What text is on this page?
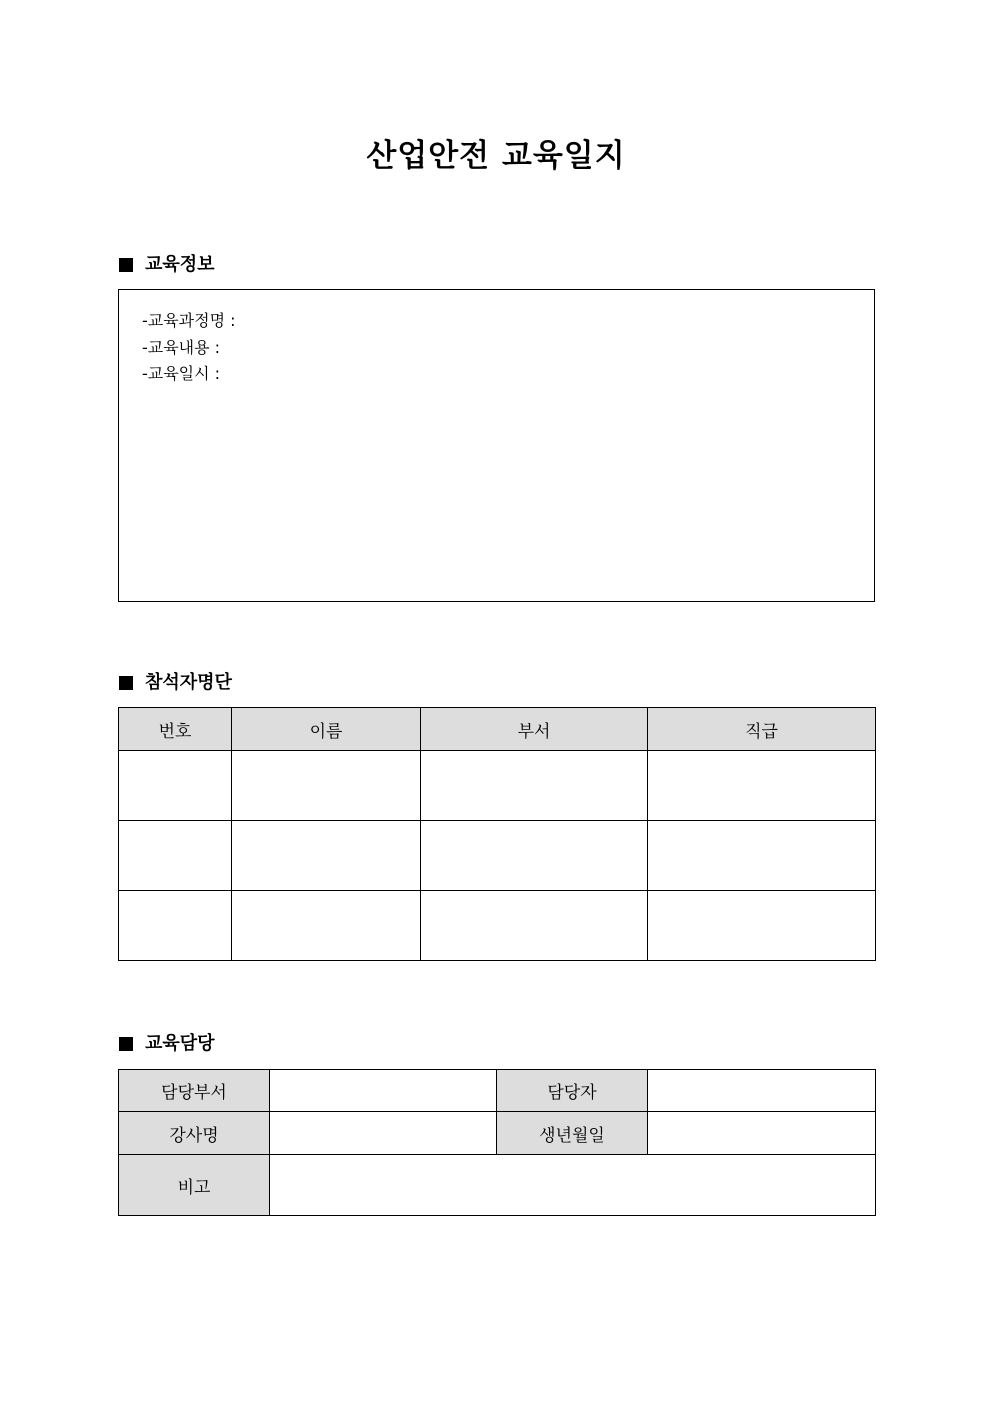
산업안전 교육일지
교육정보
-교육과정명 :
-교육내용 :
-교육일시 :
참석자명단
번호	이름	부서	직급

교육담당
담당부서		담당자	
강사명		생년월일	
비고			
